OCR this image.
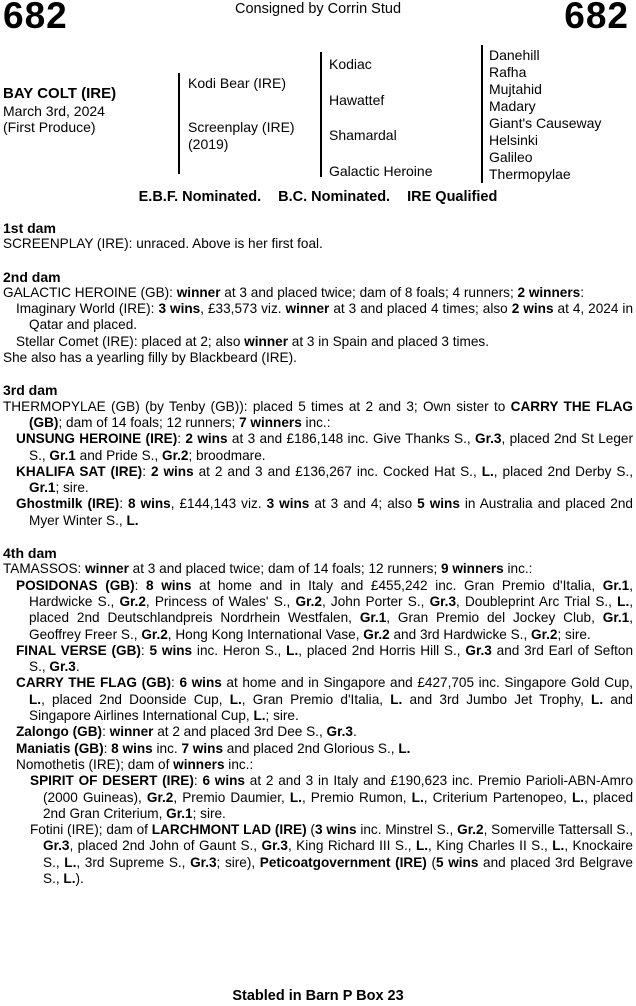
682	Consigned by Corrin Stud	682
BAY COLT (IRE)
March 3rd, 2024
(First Produce)
Kodi Bear (IRE)
Screenplay (IRE)
(2019)
Kodiac
Hawattef
Shamardal
Galactic Heroine
Danehill
Rafha
Mujtahid
Madary
Giant's Causeway
Helsinki
Galileo
Thermopylae
E.B.F. Nominated. B.C. Nominated. IRE Qualified
1st dam

SCREENPLAY (IRE): unraced. Above is her first foal.

2nd dam

GALACTIC HEROINE (GB): winner at 3 and placed twice; dam of 8 foals; 4 runners; 2 winners:

Imaginary World (IRE): 3 wins, £33,573 viz. winner at 3 and placed 4 times; also 2 wins at 4, 2024 in Qatar and placed.

Stellar Comet (IRE): placed at 2; also winner at 3 in Spain and placed 3 times.

She also has a yearling filly by Blackbeard (IRE).

3rd dam

THERMOPYLAE (GB) (by Tenby (GB)): placed 5 times at 2 and 3; Own sister to CARRY THE FLAG (GB); dam of 14 foals; 12 runners; 7 winners inc.:

UNSUNG HEROINE (IRE): 2 wins at 3 and £186,148 inc. Give Thanks S., Gr.3, placed 2nd St Leger S., Gr.1 and Pride S., Gr.2; broodmare.

KHALIFA SAT (IRE): 2 wins at 2 and 3 and £136,267 inc. Cocked Hat S., L., placed 2nd Derby S., Gr.1; sire.

Ghostmilk (IRE): 8 wins, £144,143 viz. 3 wins at 3 and 4; also 5 wins in Australia and placed 2nd Myer Winter S., L.

4th dam

TAMASSOS: winner at 3 and placed twice; dam of 14 foals; 12 runners; 9 winners inc.:

POSIDONAS (GB): 8 wins at home and in Italy and £455,242 inc. Gran Premio d'Italia, Gr.1, Hardwicke S., Gr.2, Princess of Wales' S., Gr.2, John Porter S., Gr.3, Doubleprint Arc Trial S., L., placed 2nd Deutschlandpreis Nordrhein Westfalen, Gr.1, Gran Premio del Jockey Club, Gr.1, Geoffrey Freer S., Gr.2, Hong Kong International Vase, Gr.2 and 3rd Hardwicke S., Gr.2; sire.

FINAL VERSE (GB): 5 wins inc. Heron S., L., placed 2nd Horris Hill S., Gr.3 and 3rd Earl of Sefton S., Gr.3.

CARRY THE FLAG (GB): 6 wins at home and in Singapore and £427,705 inc. Singapore Gold Cup, L., placed 2nd Doonside Cup, L., Gran Premio d'Italia, L. and 3rd Jumbo Jet Trophy, L. and Singapore Airlines International Cup, L.; sire.

Zalongo (GB): winner at 2 and placed 3rd Dee S., Gr.3.

Maniatis (GB): 8 wins inc. 7 wins and placed 2nd Glorious S., L.

Nomothetis (IRE); dam of winners inc.:

SPIRIT OF DESERT (IRE): 6 wins at 2 and 3 in Italy and £190,623 inc. Premio Parioli-ABN-Amro (2000 Guineas), Gr.2, Premio Daumier, L., Premio Rumon, L., Criterium Partenopeo, L., placed 2nd Gran Criterium, Gr.1; sire.

Fotini (IRE); dam of LARCHMONT LAD (IRE) (3 wins inc. Minstrel S., Gr.2, Somerville Tattersall S., Gr.3, placed 2nd John of Gaunt S., Gr.3, King Richard III S., L., King Charles II S., L., Knockaire S., L., 3rd Supreme S., Gr.3; sire), Peticoatgovernment (IRE) (5 wins and placed 3rd Belgrave S., L.).

Stabled in Barn P Box 23
